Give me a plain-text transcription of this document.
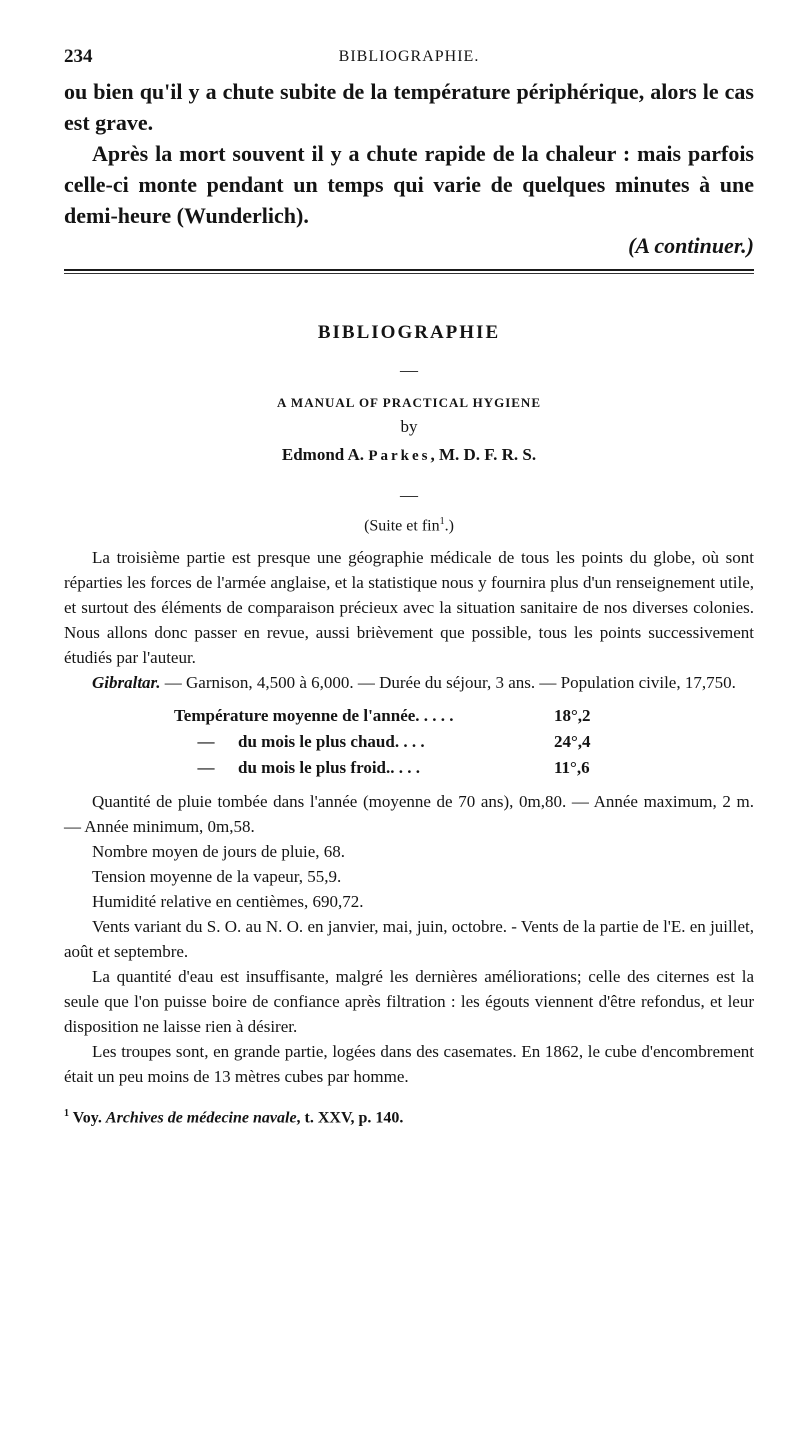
234	BIBLIOGRAPHIE.

ou bien qu'il y a chute subite de la température périphérique, alors le cas est grave.

Après la mort souvent il y a chute rapide de la chaleur : mais parfois celle-ci monte pendant un temps qui varie de quelques minutes à une demi-heure (Wunderlich).

(A continuer.)

BIBLIOGRAPHIE
—
A MANUAL OF PRACTICAL HYGIENE
by
Edmond A. Parkes, M. D. F. R. S.
—
(Suite et fin$^1$.)

La troisième partie est presque une géographie médicale de tous les points du globe, où sont réparties les forces de l'armée anglaise, et la statistique nous y fournira plus d'un renseignement utile, et surtout des éléments de comparaison précieux avec la situation sanitaire de nos diverses colonies. Nous allons donc passer en revue, aussi brièvement que possible, tous les points successivement étudiés par l'auteur.

Gibraltar. — Garnison, 4,500 à 6,000. — Durée du séjour, 3 ans. — Population civile, 17,750.

Température moyenne de l'année. . . . .	18°,2
— du mois le plus chaud. . . .	24°,4
— du mois le plus froid.. . . .	11°,6

Quantité de pluie tombée dans l'année (moyenne de 70 ans), 0m,80. — Année maximum, 2 m. — Année minimum, 0m,58.

Nombre moyen de jours de pluie, 68.

Tension moyenne de la vapeur, 55,9.

Humidité relative en centièmes, 690,72.

Vents variant du S. O. au N. O. en janvier, mai, juin, octobre. - Vents de la partie de l'E. en juillet, août et septembre.

La quantité d'eau est insuffisante, malgré les dernières améliorations; celle des citernes est la seule que l'on puisse boire de confiance après filtration : les égouts viennent d'être refondus, et leur disposition ne laisse rien à désirer.

Les troupes sont, en grande partie, logées dans des casemates. En 1862, le cube d'encombrement était un peu moins de 13 mètres cubes par homme.

$^1$ Voy. Archives de médecine navale, t. XXV, p. 140.
